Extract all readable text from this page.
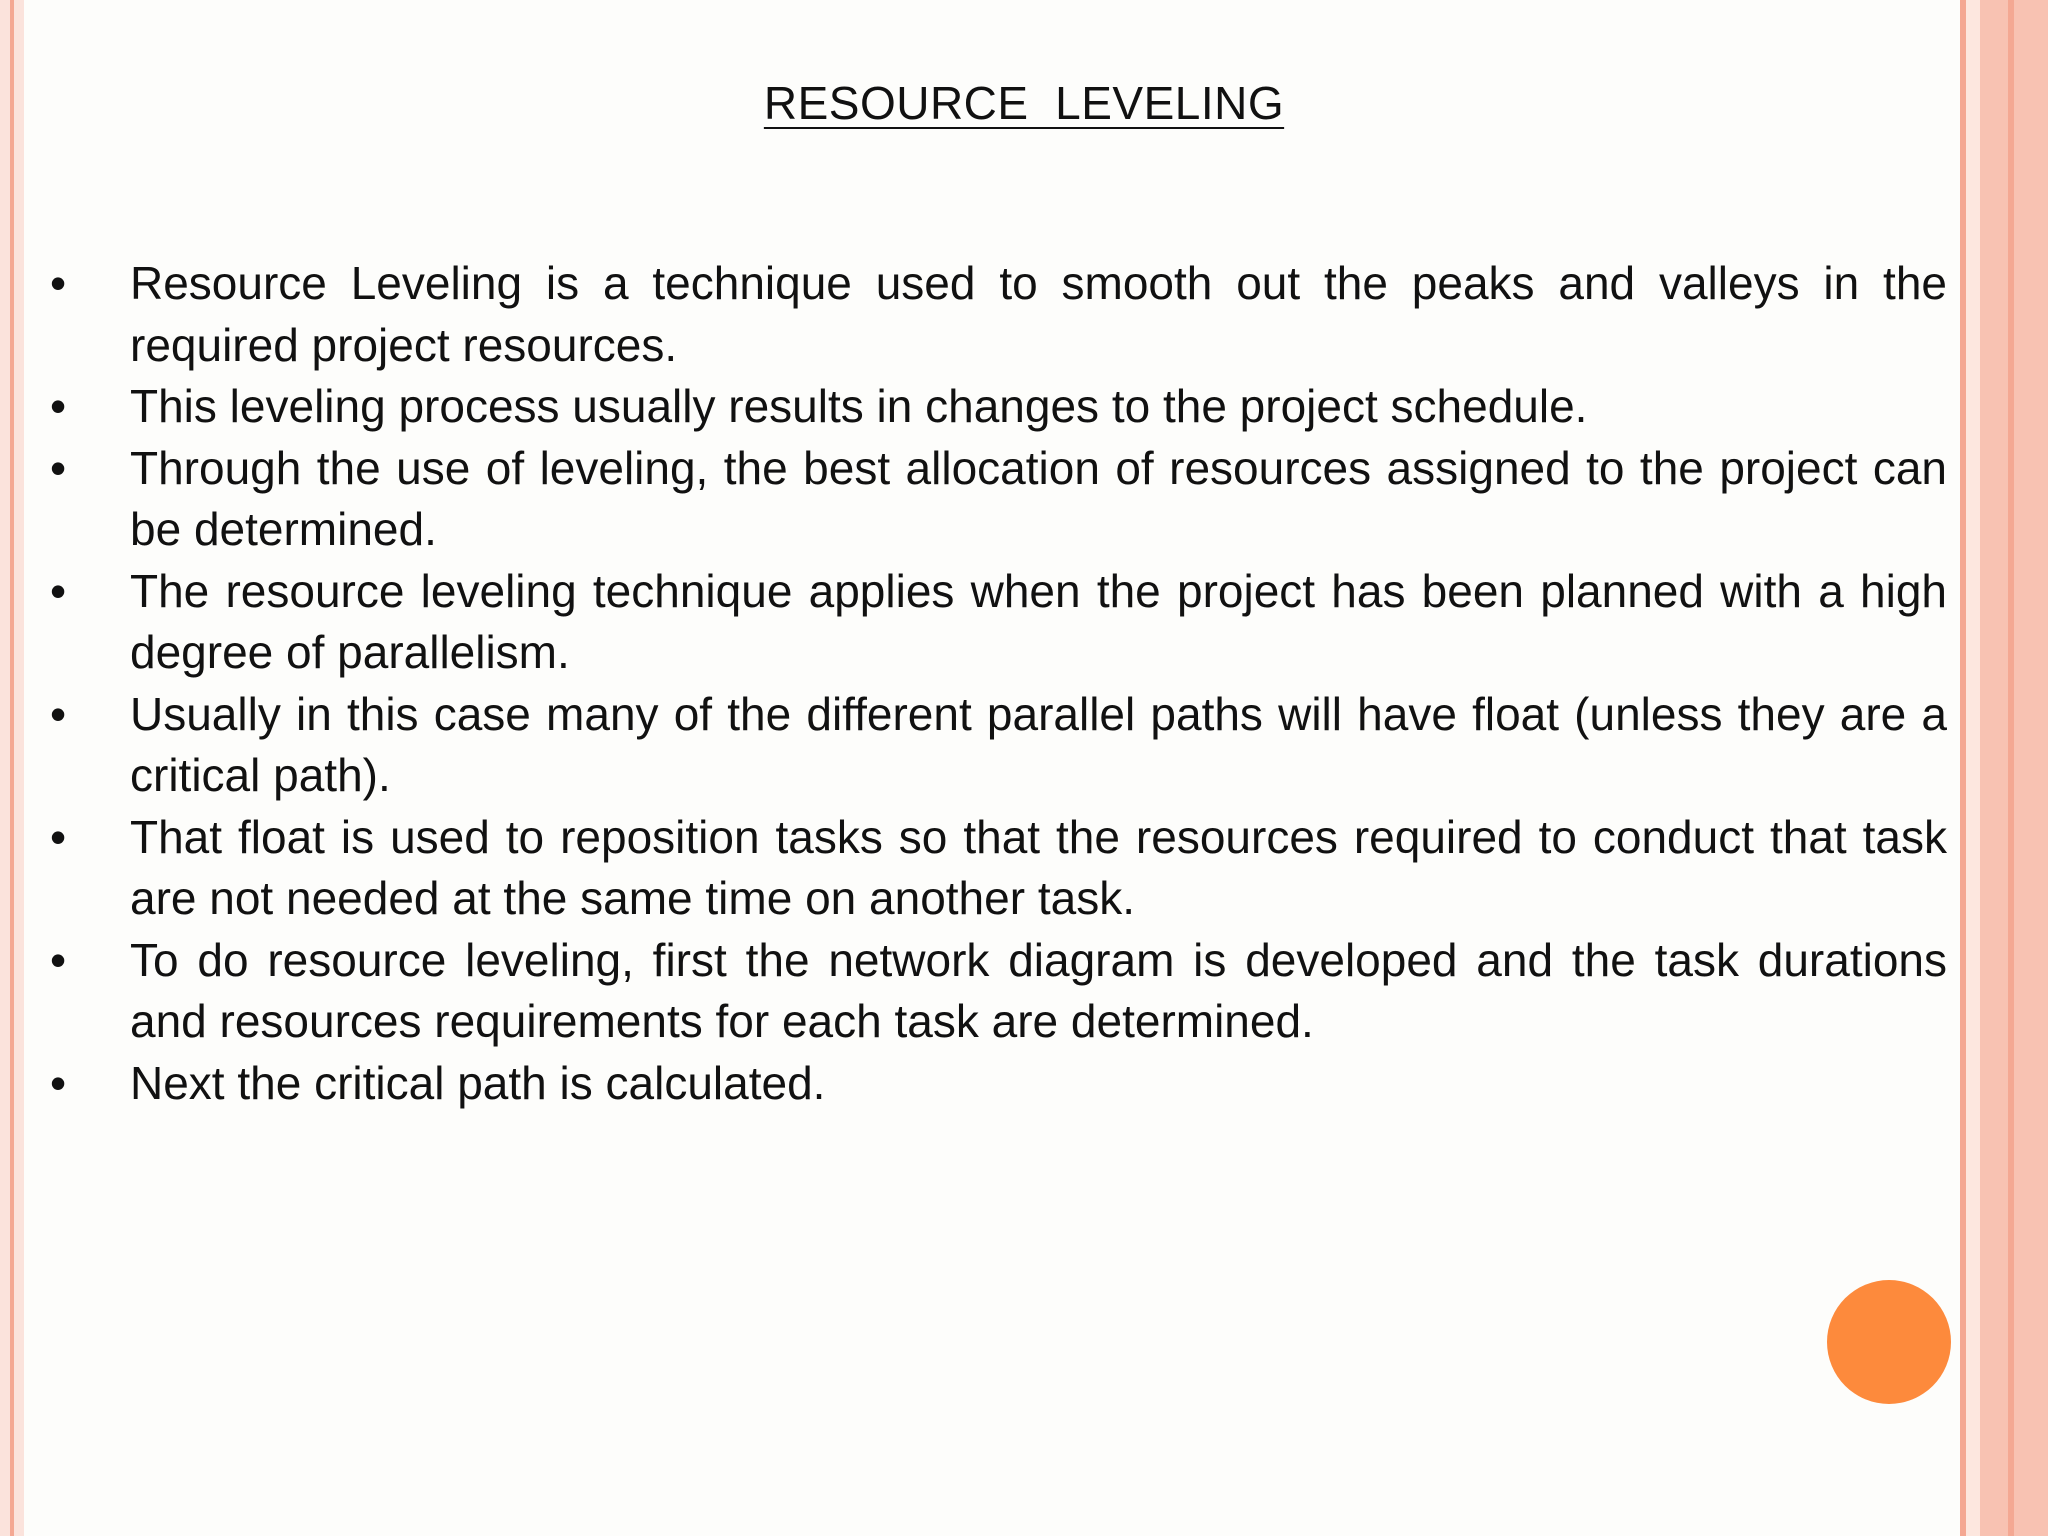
RESOURCE  LEVELING
•	Resource Leveling is a technique used to smooth out the peaks and valleys in the required project resources.
•	This leveling process usually results in changes to the project schedule.
•	Through the use of leveling, the best allocation of resources assigned to the project can be determined.
•	The resource leveling technique applies when the project has been planned with a high degree of parallelism.
•	Usually in this case many of the different parallel paths will have float (unless they are a critical path).
•	That float is used to reposition tasks so that the resources required to conduct that task are not needed at the same time on another task.
•	To do resource leveling, first the network diagram is developed and the task durations and resources requirements for each task are determined.
•	Next the critical path is calculated.
